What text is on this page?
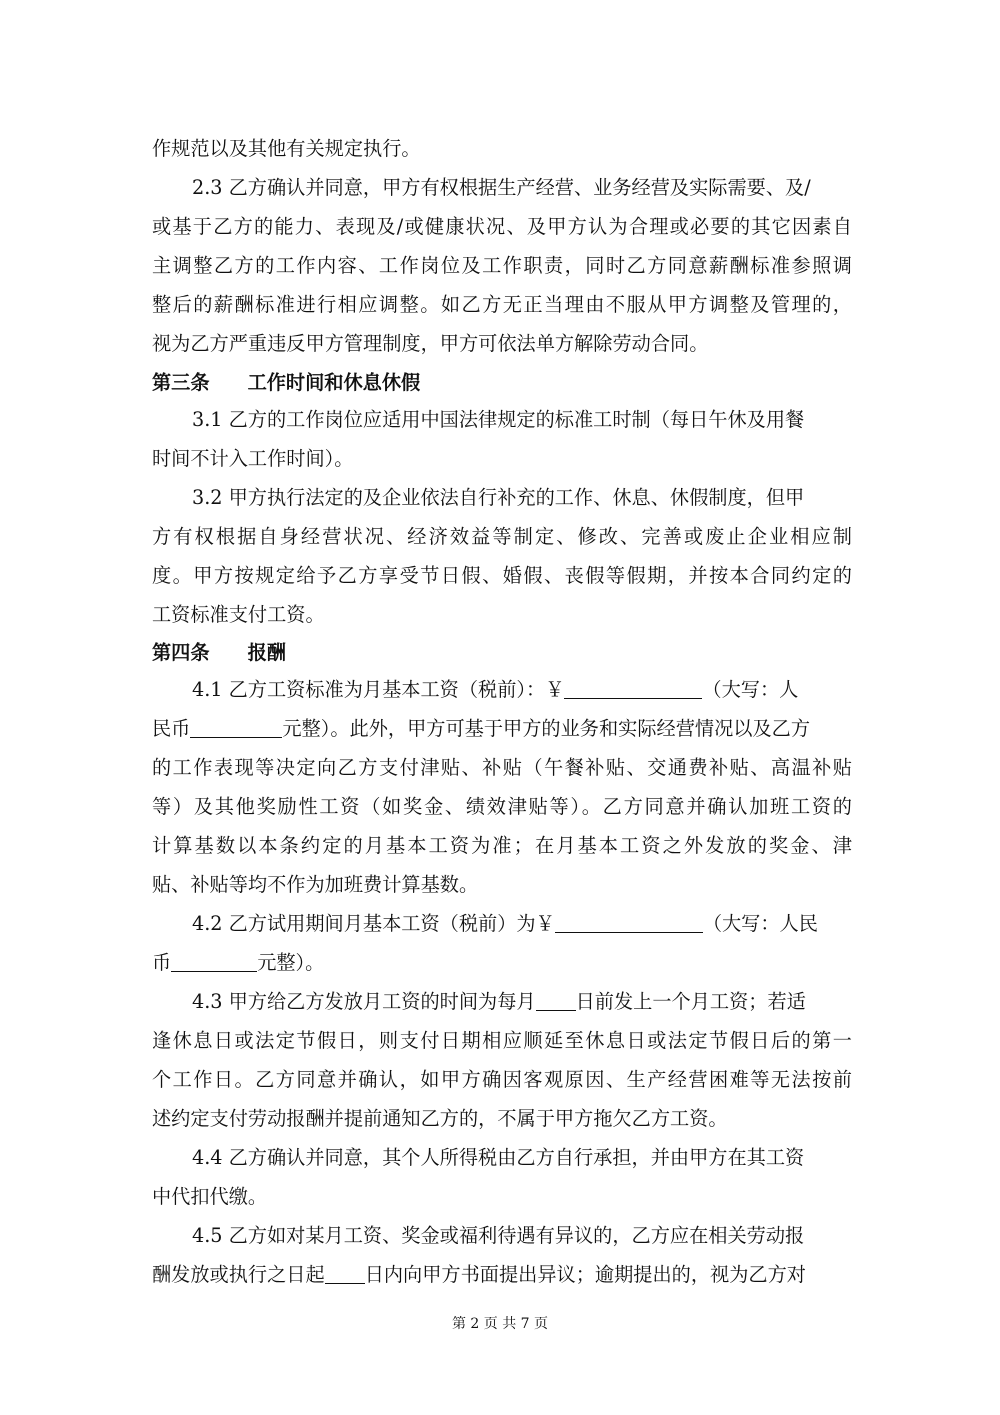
作规范以及其他有关规定执行。
2.3 乙方确认并同意，甲方有权根据生产经营、业务经营及实际需要、及/
或基于乙方的能力、表现及/或健康状况、及甲方认为合理或必要的其它因素自
主调整乙方的工作内容、工作岗位及工作职责，同时乙方同意薪酬标准参照调
整后的薪酬标准进行相应调整。如乙方无正当理由不服从甲方调整及管理的，
视为乙方严重违反甲方管理制度，甲方可依法单方解除劳动合同。
第三条 工作时间和休息休假
3.1 乙方的工作岗位应适用中国法律规定的标准工时制（每日午休及用餐
时间不计入工作时间）。
3.2 甲方执行法定的及企业依法自行补充的工作、休息、休假制度，但甲
方有权根据自身经营状况、经济效益等制定、修改、完善或废止企业相应制
度。甲方按规定给予乙方享受节日假、婚假、丧假等假期，并按本合同约定的
工资标准支付工资。
第四条 报酬
4.1 乙方工资标准为月基本工资（税前）：￥	（大写：人
民币	元整）。此外，甲方可基于甲方的业务和实际经营情况以及乙方
的工作表现等决定向乙方支付津贴、补贴（午餐补贴、交通费补贴、高温补贴
等）及其他奖励性工资（如奖金、绩效津贴等）。乙方同意并确认加班工资的
计算基数以本条约定的月基本工资为准；在月基本工资之外发放的奖金、津
贴、补贴等均不作为加班费计算基数。
4.2 乙方试用期间月基本工资（税前）为￥	（大写：人民
币	元整）。
4.3 甲方给乙方发放月工资的时间为每月 日前发上一个月工资；若适
逢休息日或法定节假日，则支付日期相应顺延至休息日或法定节假日后的第一
个工作日。乙方同意并确认，如甲方确因客观原因、生产经营困难等无法按前
述约定支付劳动报酬并提前通知乙方的，不属于甲方拖欠乙方工资。
4.4 乙方确认并同意，其个人所得税由乙方自行承担，并由甲方在其工资
中代扣代缴。
4.5 乙方如对某月工资、奖金或福利待遇有异议的，乙方应在相关劳动报
酬发放或执行之日起 日内向甲方书面提出异议；逾期提出的，视为乙方对
第 2 页 共 7 页
